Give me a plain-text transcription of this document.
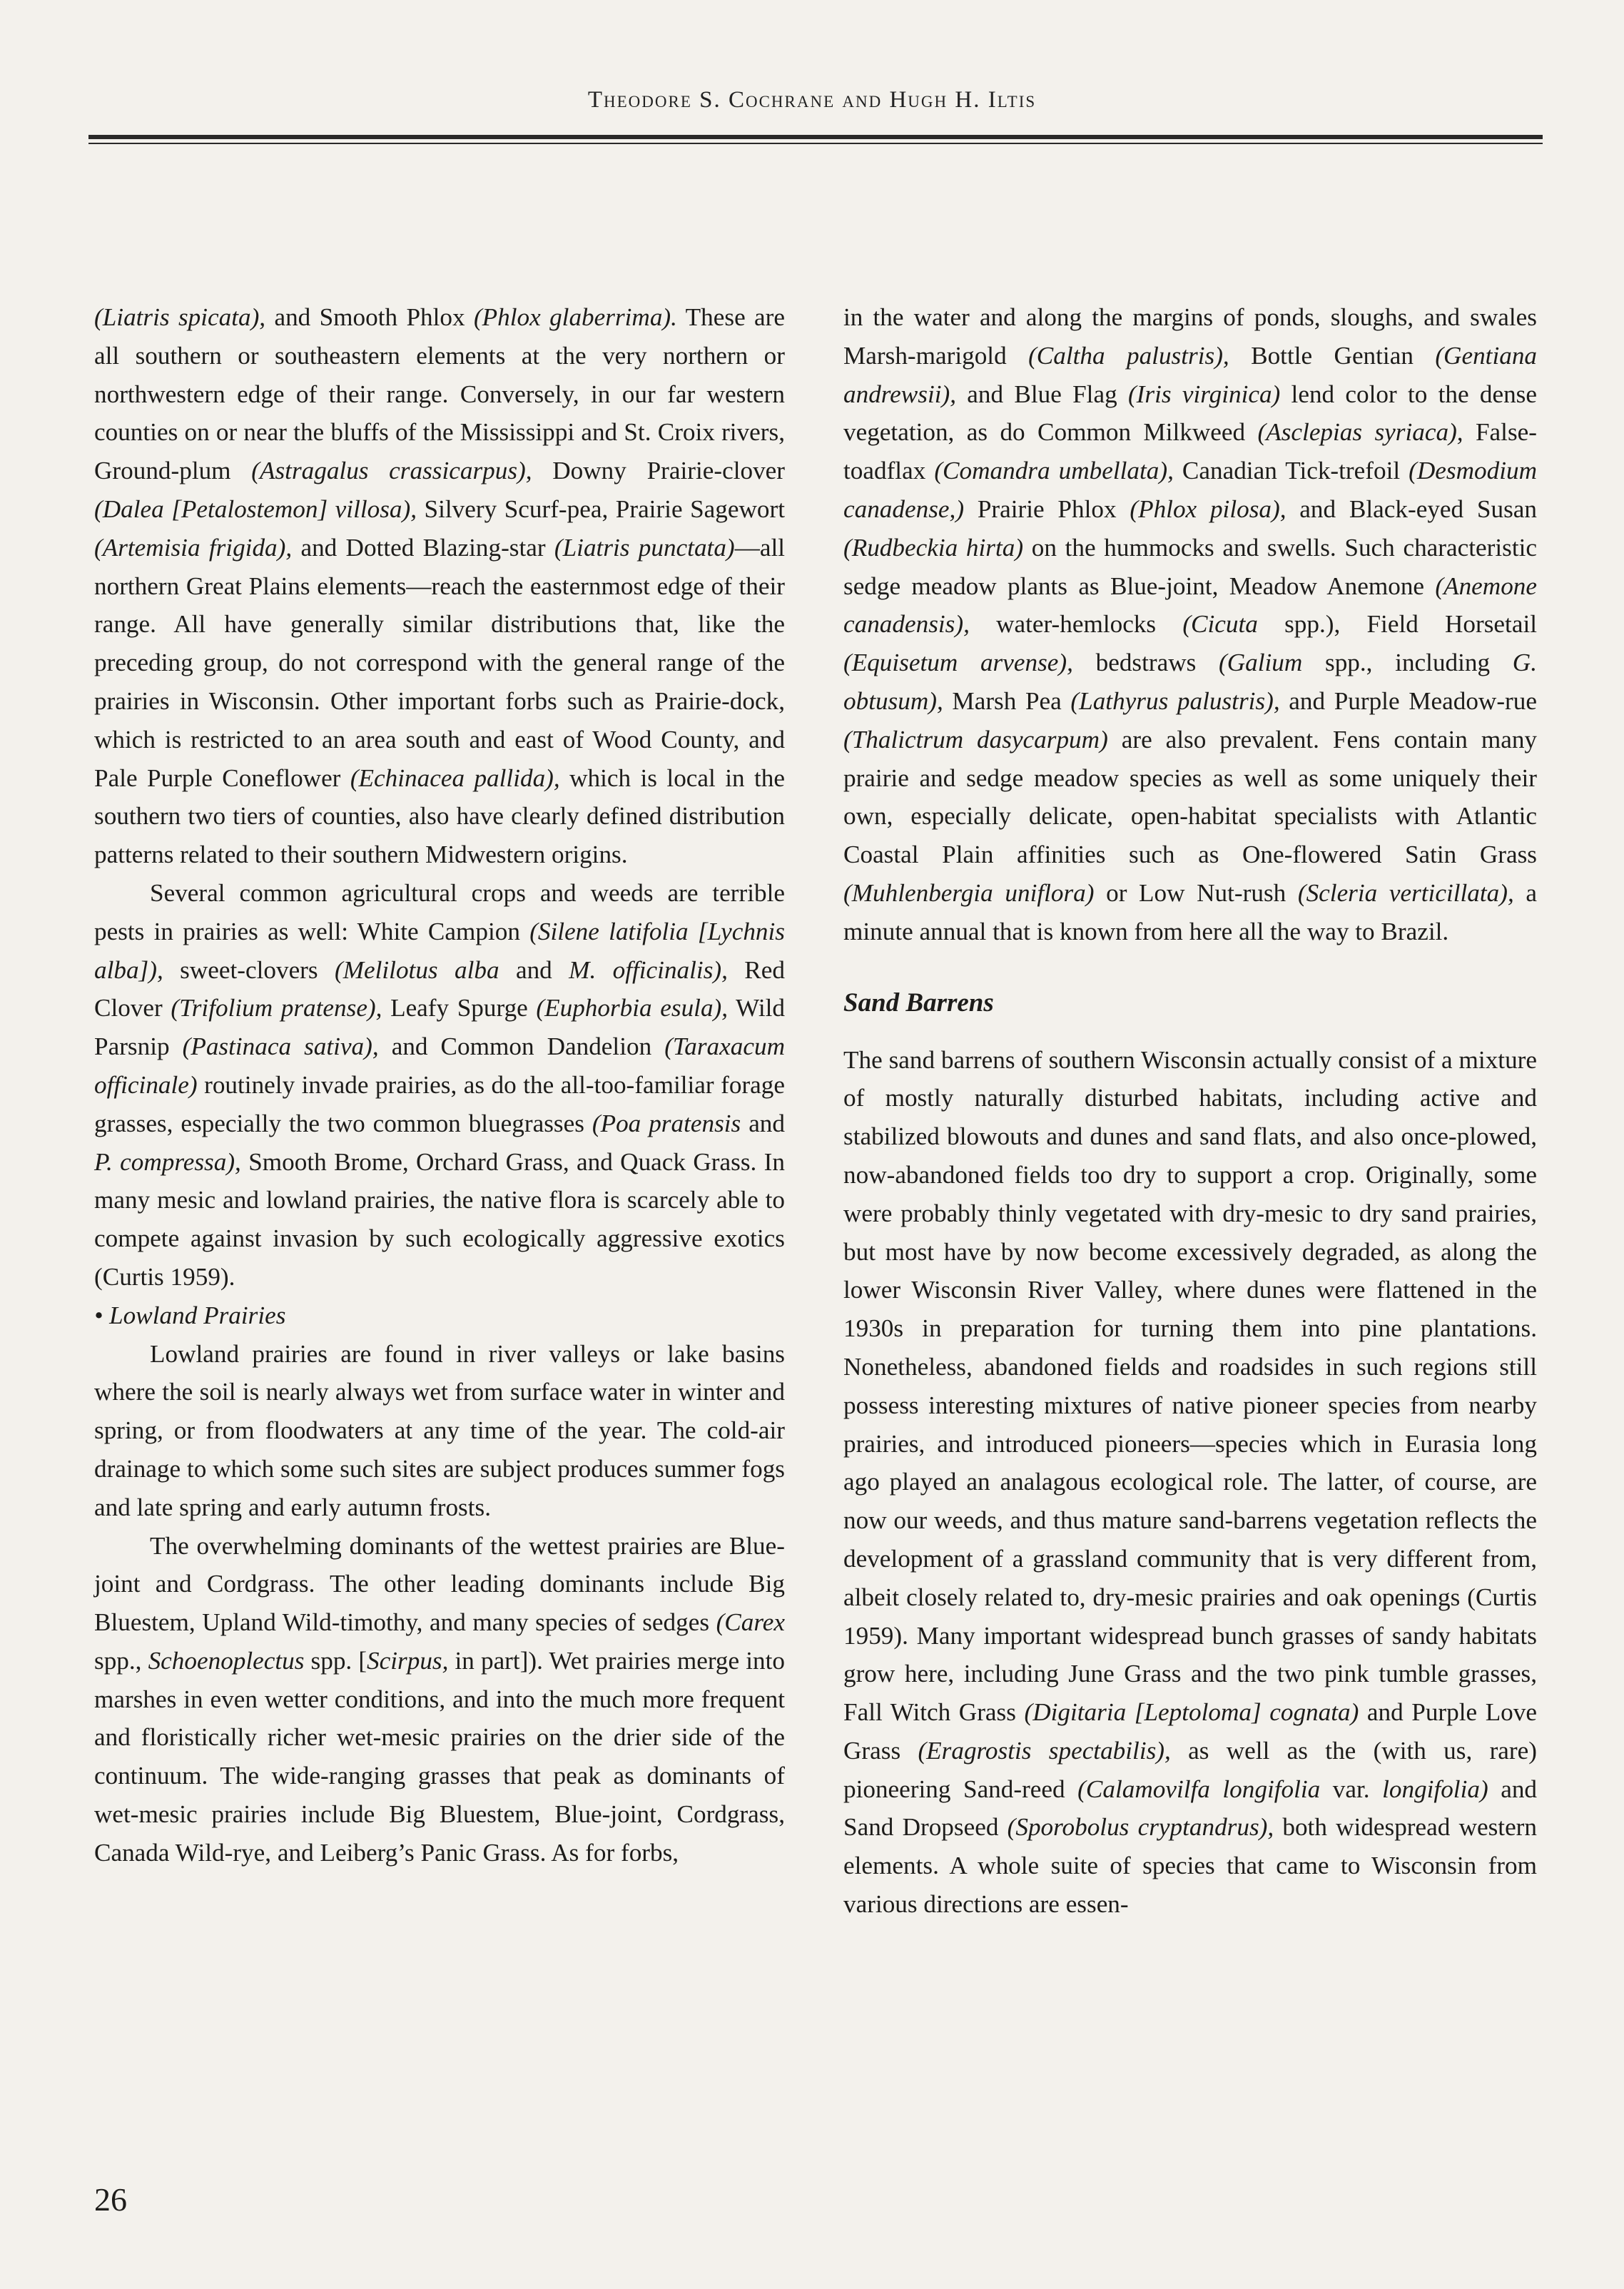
Theodore S. Cochrane and Hugh H. Iltis

(Liatris spicata), and Smooth Phlox (Phlox glaberrima). These are all southern or southeastern elements at the very northern or northwestern edge of their range. Conversely, in our far western counties on or near the bluffs of the Mississippi and St. Croix rivers, Ground-plum (Astragalus crassicarpus), Downy Prairie-clover (Dalea [Petalostemon] villosa), Silvery Scurf-pea, Prairie Sagewort (Artemisia frigida), and Dotted Blazing-star (Liatris punctata)—all northern Great Plains elements—reach the easternmost edge of their range. All have generally similar distributions that, like the preceding group, do not correspond with the general range of the prairies in Wisconsin. Other important forbs such as Prairie-dock, which is restricted to an area south and east of Wood County, and Pale Purple Coneflower (Echinacea pallida), which is local in the southern two tiers of counties, also have clearly defined distribution patterns related to their southern Midwestern origins.

Several common agricultural crops and weeds are terrible pests in prairies as well: White Campion (Silene latifolia [Lychnis alba]), sweet-clovers (Melilotus alba and M. officinalis), Red Clover (Trifolium pratense), Leafy Spurge (Euphorbia esula), Wild Parsnip (Pastinaca sativa), and Common Dandelion (Taraxacum officinale) routinely invade prairies, as do the all-too-familiar forage grasses, especially the two common bluegrasses (Poa pratensis and P. compressa), Smooth Brome, Orchard Grass, and Quack Grass. In many mesic and lowland prairies, the native flora is scarcely able to compete against invasion by such ecologically aggressive exotics (Curtis 1959).

• Lowland Prairies

Lowland prairies are found in river valleys or lake basins where the soil is nearly always wet from surface water in winter and spring, or from floodwaters at any time of the year. The cold-air drainage to which some such sites are subject produces summer fogs and late spring and early autumn frosts.

The overwhelming dominants of the wettest prairies are Blue-joint and Cordgrass. The other leading dominants include Big Bluestem, Upland Wild-timothy, and many species of sedges (Carex spp., Schoenoplectus spp. [Scirpus, in part]). Wet prairies merge into marshes in even wetter conditions, and into the much more frequent and floristically richer wet-mesic prairies on the drier side of the continuum. The wide-ranging grasses that peak as dominants of wet-mesic prairies include Big Bluestem, Blue-joint, Cordgrass, Canada Wild-rye, and Leiberg’s Panic Grass. As for forbs,

in the water and along the margins of ponds, sloughs, and swales Marsh-marigold (Caltha palustris), Bottle Gentian (Gentiana andrewsii), and Blue Flag (Iris virginica) lend color to the dense vegetation, as do Common Milkweed (Asclepias syriaca), False-toadflax (Comandra umbellata), Canadian Tick-trefoil (Desmodium canadense,) Prairie Phlox (Phlox pilosa), and Black-eyed Susan (Rudbeckia hirta) on the hummocks and swells. Such characteristic sedge meadow plants as Blue-joint, Meadow Anemone (Anemone canadensis), water-hemlocks (Cicuta spp.), Field Horsetail (Equisetum arvense), bedstraws (Galium spp., including G. obtusum), Marsh Pea (Lathyrus palustris), and Purple Meadow-rue (Thalictrum dasycarpum) are also prevalent. Fens contain many prairie and sedge meadow species as well as some uniquely their own, especially delicate, open-habitat specialists with Atlantic Coastal Plain affinities such as One-flowered Satin Grass (Muhlenbergia uniflora) or Low Nut-rush (Scleria verticillata), a minute annual that is known from here all the way to Brazil.

Sand Barrens

The sand barrens of southern Wisconsin actually consist of a mixture of mostly naturally disturbed habitats, including active and stabilized blowouts and dunes and sand flats, and also once-plowed, now-abandoned fields too dry to support a crop. Originally, some were probably thinly vegetated with dry-mesic to dry sand prairies, but most have by now become excessively degraded, as along the lower Wisconsin River Valley, where dunes were flattened in the 1930s in preparation for turning them into pine plantations. Nonetheless, abandoned fields and roadsides in such regions still possess interesting mixtures of native pioneer species from nearby prairies, and introduced pioneers—species which in Eurasia long ago played an analagous ecological role. The latter, of course, are now our weeds, and thus mature sand-barrens vegetation reflects the development of a grassland community that is very different from, albeit closely related to, dry-mesic prairies and oak openings (Curtis 1959). Many important widespread bunch grasses of sandy habitats grow here, including June Grass and the two pink tumble grasses, Fall Witch Grass (Digitaria [Leptoloma] cognata) and Purple Love Grass (Eragrostis spectabilis), as well as the (with us, rare) pioneering Sand-reed (Calamovilfa longifolia var. longifolia) and Sand Dropseed (Sporobolus cryptandrus), both widespread western elements. A whole suite of species that came to Wisconsin from various directions are essen-

26
